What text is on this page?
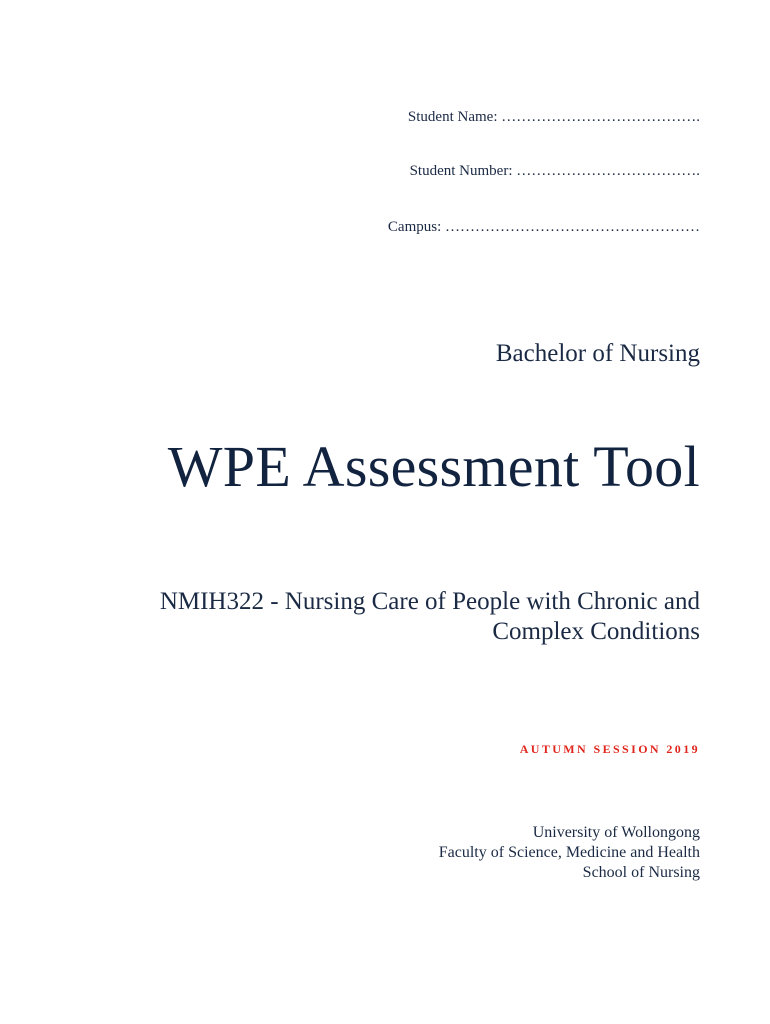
Student Name: ………………………………….
Student Number: ……………………………….
Campus: ……………………………………………
Bachelor of Nursing
WPE Assessment Tool
NMIH322 - Nursing Care of People with Chronic and
Complex Conditions
AUTUMN SESSION 2019
University of Wollongong
Faculty of Science, Medicine and Health
School of Nursing
